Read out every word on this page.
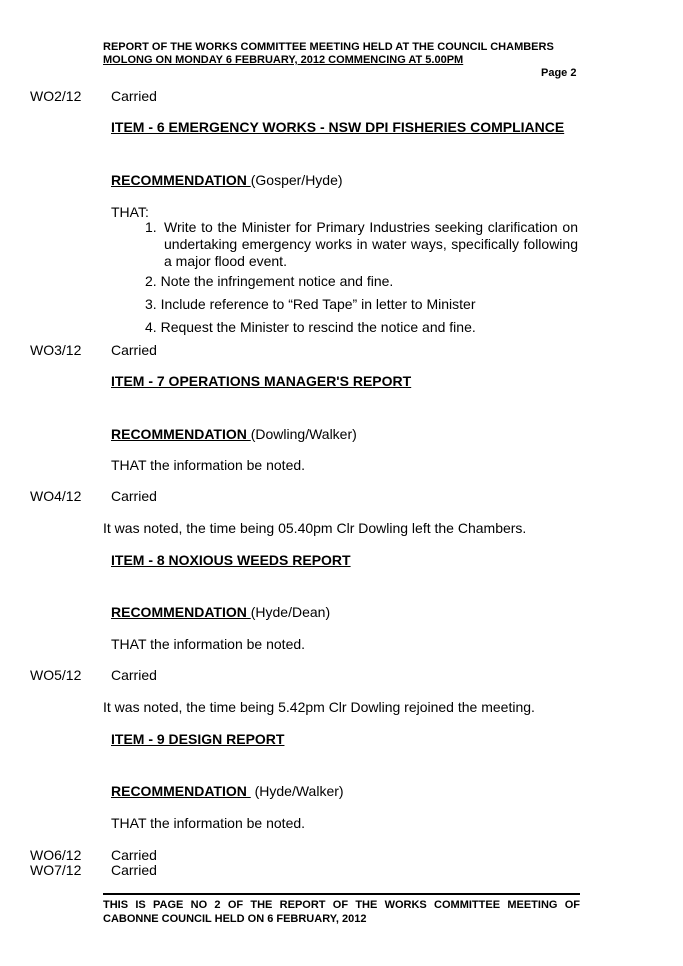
REPORT OF THE WORKS COMMITTEE MEETING HELD AT THE COUNCIL CHAMBERS
MOLONG ON MONDAY 6 FEBRUARY, 2012 COMMENCING AT 5.00PM
Page 2
WO2/12 Carried
ITEM - 6 EMERGENCY WORKS - NSW DPI FISHERIES COMPLIANCE
RECOMMENDATION (Gosper/Hyde)
THAT:
1. Write to the Minister for Primary Industries seeking clarification on undertaking emergency works in water ways, specifically following a major flood event.
2. Note the infringement notice and fine.
3. Include reference to “Red Tape” in letter to Minister
4. Request the Minister to rescind the notice and fine.
WO3/12 Carried
ITEM - 7 OPERATIONS MANAGER'S REPORT
RECOMMENDATION (Dowling/Walker)
THAT the information be noted.
WO4/12 Carried
It was noted, the time being 05.40pm Clr Dowling left the Chambers.
ITEM - 8 NOXIOUS WEEDS REPORT
RECOMMENDATION (Hyde/Dean)
THAT the information be noted.
WO5/12 Carried
It was noted, the time being 5.42pm Clr Dowling rejoined the meeting.
ITEM - 9 DESIGN REPORT
RECOMMENDATION  (Hyde/Walker)
THAT the information be noted.
WO6/12 Carried
WO7/12 Carried
THIS IS PAGE NO 2 OF THE REPORT OF THE WORKS COMMITTEE MEETING OF CABONNE COUNCIL HELD ON 6 FEBRUARY, 2012
